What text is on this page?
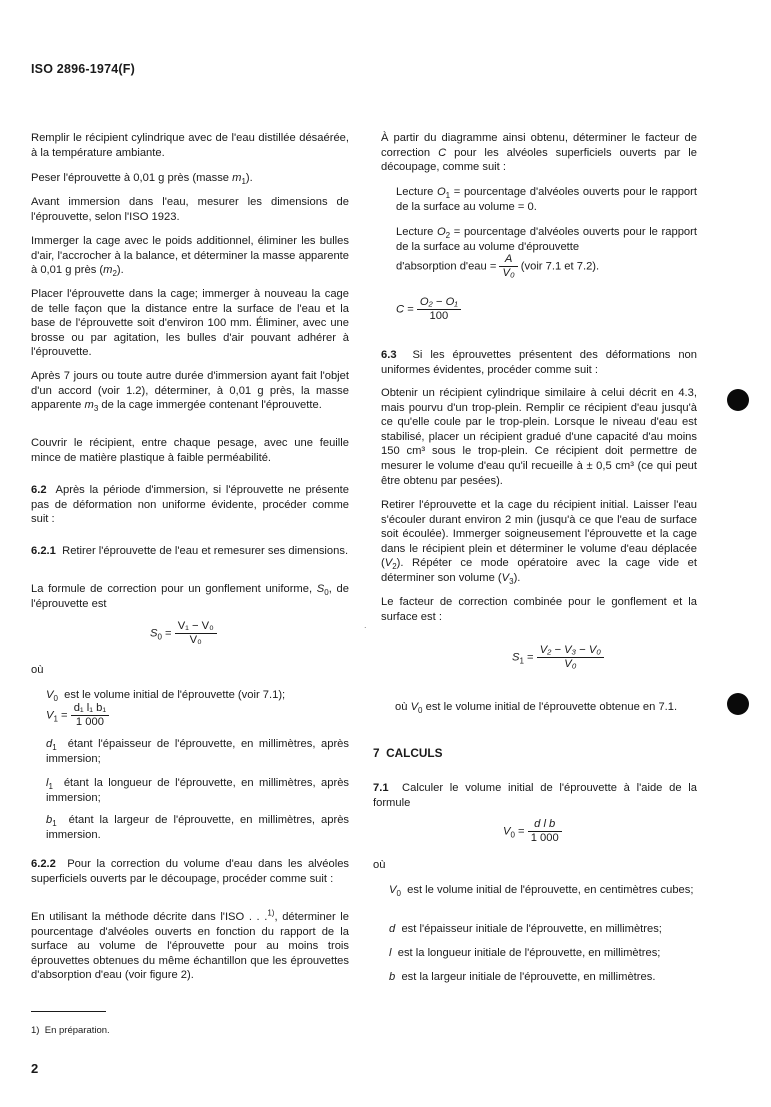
ISO 2896-1974(F)

Remplir le récipient cylindrique avec de l'eau distillée désaérée, à la température ambiante.

Peser l'éprouvette à 0,01 g près (masse $m_1$).

Avant immersion dans l'eau, mesurer les dimensions de l'éprouvette, selon l'ISO 1923.

Immerger la cage avec le poids additionnel, éliminer les bulles d'air, l'accrocher à la balance, et déterminer la masse apparente à 0,01 g près $(m_2)$.

Placer l'éprouvette dans la cage; immerger à nouveau la cage de telle façon que la distance entre la surface de l'eau et la base de l'éprouvette soit d'environ 100 mm. Éliminer, avec une brosse ou par agitation, les bulles d'air pouvant adhérer à l'éprouvette.

Après 7 jours ou toute autre durée d'immersion ayant fait l'objet d'un accord (voir 1.2), déterminer, à 0,01 g près, la masse apparente $m_3$ de la cage immergée contenant l'éprouvette.

Couvrir le récipient, entre chaque pesage, avec une feuille mince de matière plastique à faible perméabilité.

6.2 Après la période d'immersion, si l'éprouvette ne présente pas de déformation non uniforme évidente, procéder comme suit :

6.2.1 Retirer l'éprouvette de l'eau et remesurer ses dimensions.

La formule de correction pour un gonflement uniforme, $S_0$, de l'éprouvette est

$S_0 = \frac{\text{V₁ − V₀}}{\text{V₀}}$
où
$V_0$ est le volume initial de l'éprouvette (voir 7.1);
$V_1 = \frac{\text{d₁ l₁ b₁}}{1 000}$

$d_1$ étant l'épaisseur de l'éprouvette, en millimètres, après immersion;

$l_1$ étant la longueur de l'éprouvette, en millimètres, après immersion;

$b_1$ étant la largeur de l'éprouvette, en millimètres, après immersion.

6.2.2 Pour la correction du volume d'eau dans les alvéoles superficiels ouverts par le découpage, procéder comme suit :

En utilisant la méthode décrite dans l'ISO . . .$^{1)}$, déterminer le pourcentage d'alvéoles ouverts en fonction du rapport de la surface au volume de l'éprouvette pour au moins trois éprouvettes obtenues du même échantillon que les éprouvettes d'absorption d'eau (voir figure 2).

À partir du diagramme ainsi obtenu, déterminer le facteur de correction C pour les alvéoles superficiels ouverts par le découpage, comme suit :

Lecture $O_1$ = pourcentage d'alvéoles ouverts pour le rapport de la surface au volume = 0.

Lecture $O_2$ = pourcentage d'alvéoles ouverts pour le rapport de la surface au volume d'éprouvette

d'absorption $d'eau = \frac{A}{\text{V₀}}$ (voir 7.1 et 7.2).
$C = \frac{\text{O₂ − O₁}}{100}$

6.3 Si les éprouvettes présentent des déformations non uniformes évidentes, procéder comme suit :

Obtenir un récipient cylindrique similaire à celui décrit en 4.3, mais pourvu d'un trop-plein. Remplir ce récipient d'eau jusqu'à ce qu'elle coule par le trop-plein. Lorsque le niveau d'eau est stabilisé, placer un récipient gradué d'une capacité d'au moins 150 cm³ sous le trop-plein. Ce récipient doit permettre de mesurer le volume d'eau qu'il recueille à ± 0,5 cm³ (ce qui peut être obtenu par pesées).

Retirer l'éprouvette et la cage du récipient initial. Laisser l'eau s'écouler durant environ 2 min (jusqu'à ce que l'eau de surface soit écoulée). Immerger soigneusement l'éprouvette et la cage dans le récipient plein et déterminer le volume d'eau déplacée $(V_2)$. Répéter ce mode opératoire avec la cage vide et déterminer son volume $(V_3)$.

Le facteur de correction combinée pour le gonflement et la surface est :

.
$S_1 = \frac{\text{V₂ − V₃ − V₀}}{\text{V₀}}$
où $V_0$ est le volume initial de l'éprouvette obtenue en 7.1.
7 CALCULS

7.1 Calculer le volume initial de l'éprouvette à l'aide de la formule

$V_0 = \frac{\text{d l b}}{1 000}$
où

$V_0$ est le volume initial de l'éprouvette, en centimètres cubes;

d est l'épaisseur initiale de l'éprouvette, en millimètres;
l est la longueur initiale de l'éprouvette, en millimètres;
b est la largeur initiale de l'éprouvette, en millimètres.
1) En préparation.
2
